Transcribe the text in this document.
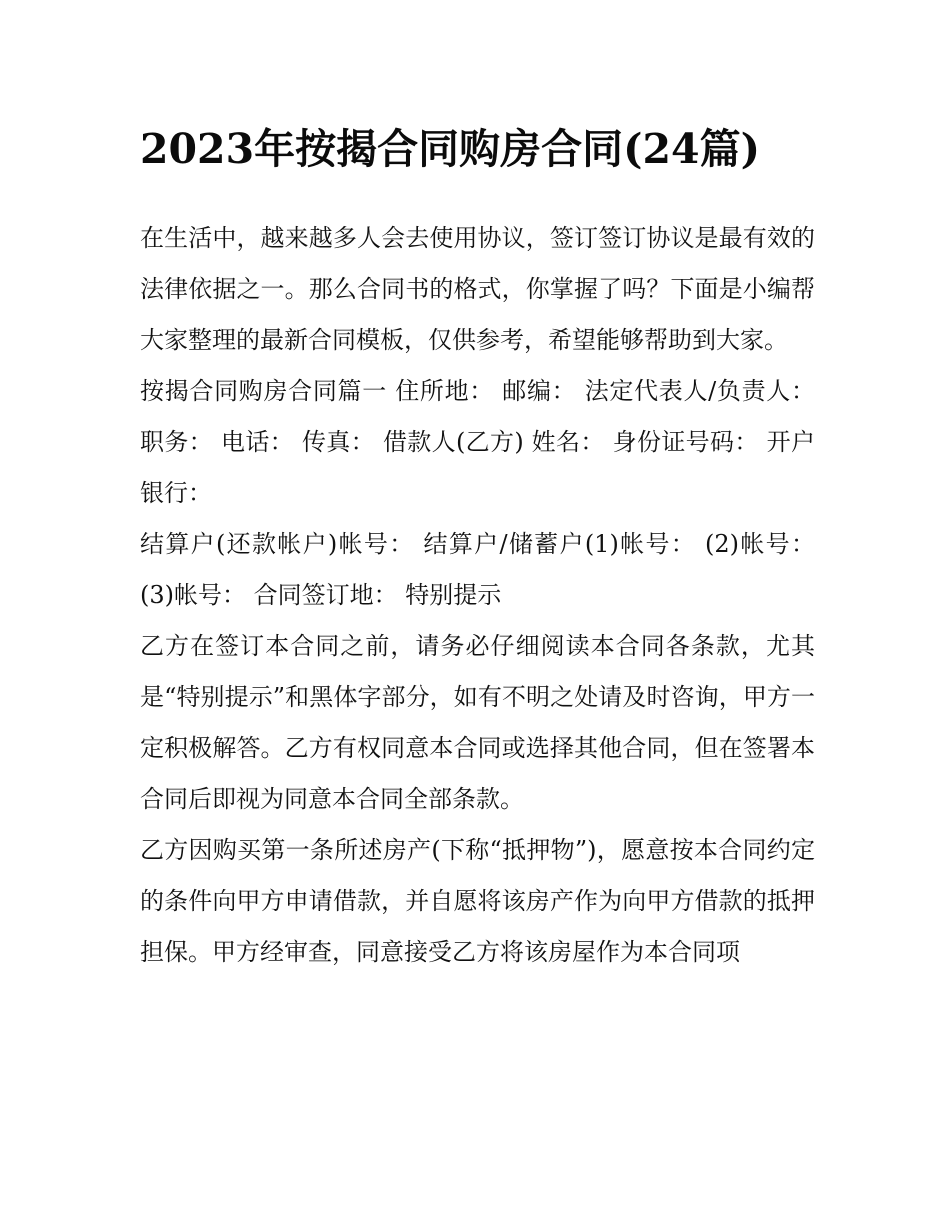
2023年按揭合同购房合同(24篇)

在生活中，越来越多人会去使用协议，签订签订协议是最有效的法律依据之一。那么合同书的格式，你掌握了吗？下面是小编帮大家整理的最新合同模板，仅供参考，希望能够帮助到大家。

按揭合同购房合同篇一 住所地： 邮编： 法定代表人/负责人： 职务： 电话： 传真： 借款人(乙方) 姓名： 身份证号码： 开户银行：

结算户(还款帐户)帐号： 结算户/储蓄户(1)帐号： (2)帐号： (3)帐号： 合同签订地： 特别提示

乙方在签订本合同之前，请务必仔细阅读本合同各条款，尤其是“特别提示”和黑体字部分，如有不明之处请及时咨询，甲方一定积极解答。乙方有权同意本合同或选择其他合同，但在签署本合同后即视为同意本合同全部条款。

乙方因购买第一条所述房产(下称“抵押物”)，愿意按本合同约定的条件向甲方申请借款，并自愿将该房产作为向甲方借款的抵押担保。甲方经审查，同意接受乙方将该房屋作为本合同项
